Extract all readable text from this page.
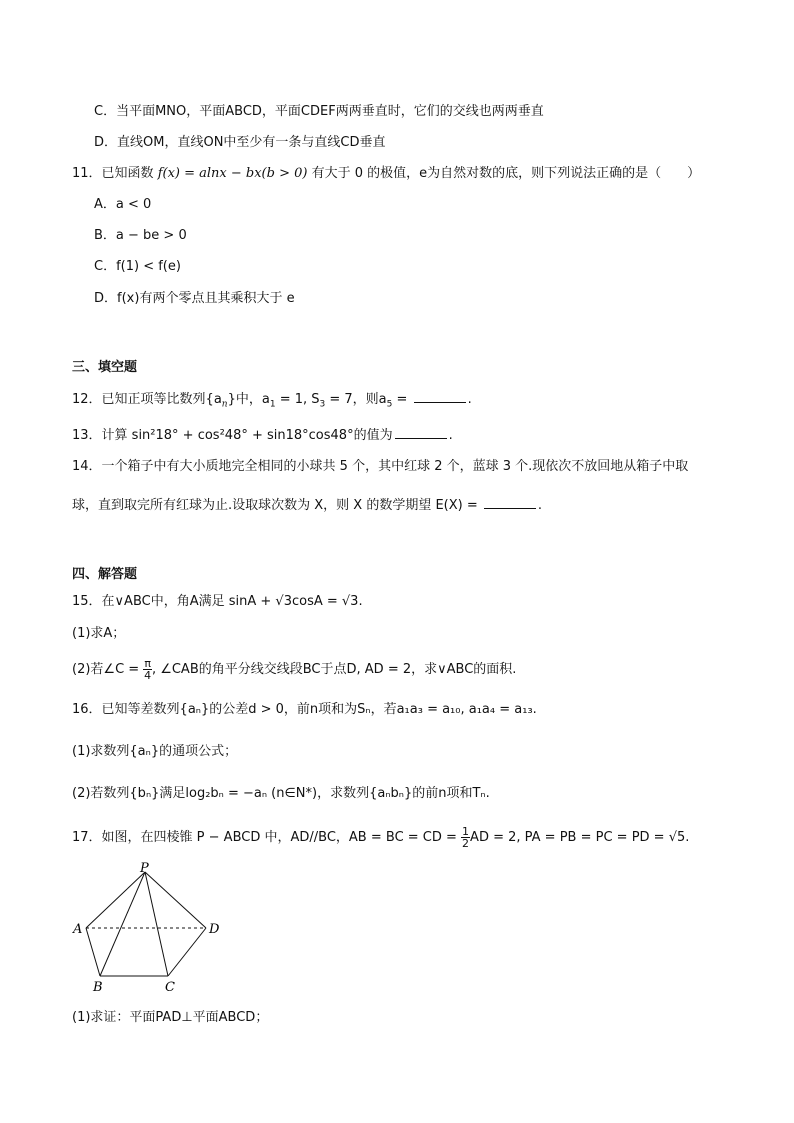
C．当平面MNO，平面ABCD，平面CDEF两两垂直时，它们的交线也两两垂直
D．直线OM，直线ON中至少有一条与直线CD垂直
11．已知函数 f(x) = alnx − bx(b > 0) 有大于 0 的极值，e为自然对数的底，则下列说法正确的是（　　）
A．a < 0
B．a − be > 0
C．f(1) < f(e)
D．f(x)有两个零点且其乘积大于 e
三、填空题
12．已知正项等比数列$\{a_n\}$中，$a_1 = 1$, $S_3 = 7$，则$a_5$ =	.
13．计算 sin²18° + cos²48° + sin18°cos48°的值为	.
14．一个箱子中有大小质地完全相同的小球共 5 个，其中红球 2 个，蓝球 3 个.现依次不放回地从箱子中取
球，直到取完所有红球为止.设取球次数为 X，则 X 的数学期望 E(X) =	.
四、解答题
15．在∨ABC中，角A满足 sinA + √3cosA = √3.
(1)求A；
(2)若∠C = $\frac{\pi}{4}$ , ∠CAB的角平分线交线段BC于点D, AD = 2，求∨ABC的面积.
16．已知等差数列{aₙ}的公差d > 0，前n项和为Sₙ，若a₁a₃ = a₁₀, a₁a₄ = a₁₃.
(1)求数列{aₙ}的通项公式；
(2)若数列{bₙ}满足log₂bₙ = −aₙ (n∈N*)，求数列{aₙbₙ}的前n项和Tₙ.
17．如图，在四棱锥 P − ABCD 中，AD//BC，AB = BC = CD = $\frac{1}{2}$ AD = 2, PA = PB = PC = PD = √5.
P
A	D
B	C
(1)求证：平面PAD⊥平面ABCD；
